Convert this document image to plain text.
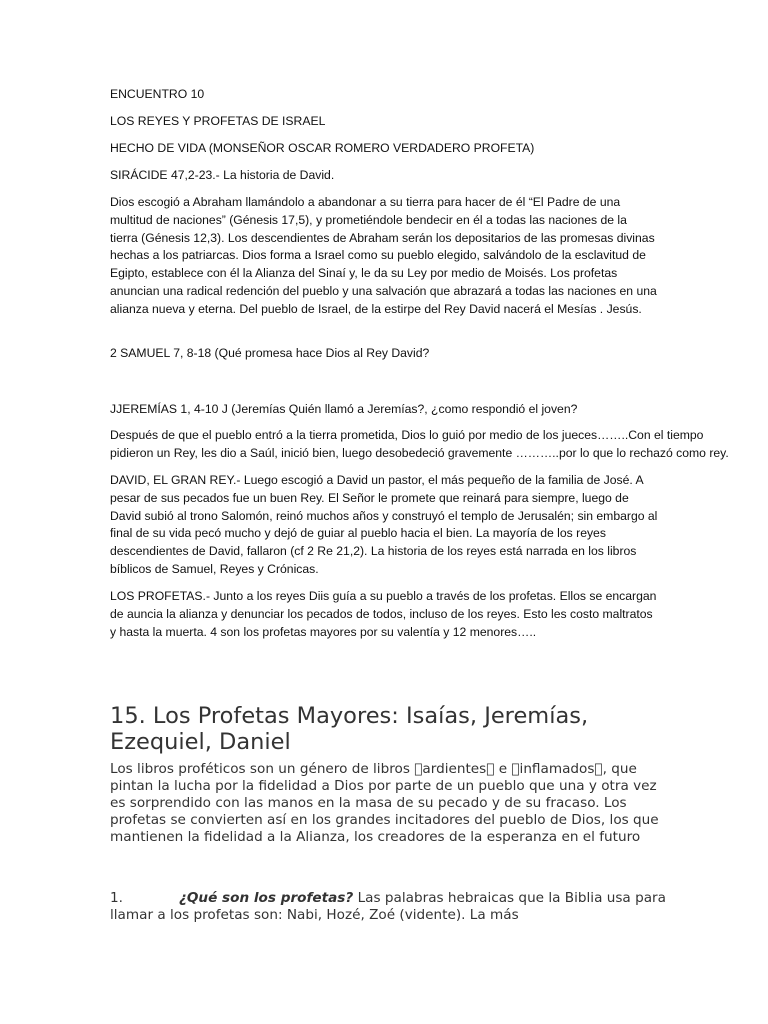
ENCUENTRO 10

LOS REYES Y PROFETAS DE ISRAEL

HECHO DE VIDA (MONSEÑOR OSCAR ROMERO VERDADERO PROFETA)

SIRÁCIDE 47,2-23.- La historia de David.

Dios escogió a Abraham llamándolo a abandonar a su tierra para hacer de él “El Padre de una multitud de naciones” (Génesis 17,5), y prometiéndole bendecir en él a todas las naciones de la tierra (Génesis 12,3). Los descendientes de Abraham serán los depositarios de las promesas divinas hechas a los patriarcas. Dios forma a Israel como su pueblo elegido, salvándolo de la esclavitud de Egipto, establece con él la Alianza del Sinaí y, le da su Ley por medio de Moisés. Los profetas anuncian una radical redención del pueblo y una salvación que abrazará a todas las naciones en una alianza nueva y eterna. Del pueblo de Israel, de la estirpe del Rey David nacerá el Mesías . Jesús.

2 SAMUEL 7, 8-18 (Qué promesa hace Dios al Rey David?

JJEREMÍAS 1, 4-10 J (Jeremías Quién llamó a Jeremías?, ¿como respondió el joven?

Después de que el pueblo entró a la tierra prometida, Dios lo guió por medio de los jueces……..Con el tiempo
pidieron un Rey, les dio a Saúl, inició bien, luego desobedeció gravemente ………..por lo que lo rechazó como rey.

DAVID, EL GRAN REY.- Luego escogió a David un pastor, el más pequeño de la familia de José. A pesar de sus pecados fue un buen Rey. El Señor le promete que reinará para siempre, luego de David subió al trono Salomón, reinó muchos años y construyó el templo de Jerusalén; sin embargo al final de su vida pecó mucho y dejó de guiar al pueblo hacia el bien. La mayoría de los reyes descendientes de David, fallaron (cf 2 Re 21,2). La historia de los reyes está narrada en los libros bíblicos de Samuel, Reyes y Crónicas.

LOS PROFETAS.- Junto a los reyes Diis guía a su pueblo a través de los profetas. Ellos se encargan de auncia la alianza y denunciar los pecados de todos, incluso de los reyes. Esto les costo maltratos y hasta la muerta. 4 son los profetas mayores por su valentía y 12 menores…..

15. Los Profetas Mayores: Isaías, Jeremías, Ezequiel, Daniel

Los libros proféticos son un género de libros  ardientes  e  inflamados , que pintan la lucha por la fidelidad a Dios por parte de un pueblo que una y otra vez es sorprendido con las manos en la masa de su pecado y de su fracaso. Los profetas se convierten así en los grandes incitadores del pueblo de Dios, los que mantienen la fidelidad a la Alianza, los creadores de la esperanza en el futuro

1.	¿Qué son los profetas? Las palabras hebraicas que la Biblia usa para llamar a los profetas son: Nabi, Hozé, Zoé (vidente). La más
